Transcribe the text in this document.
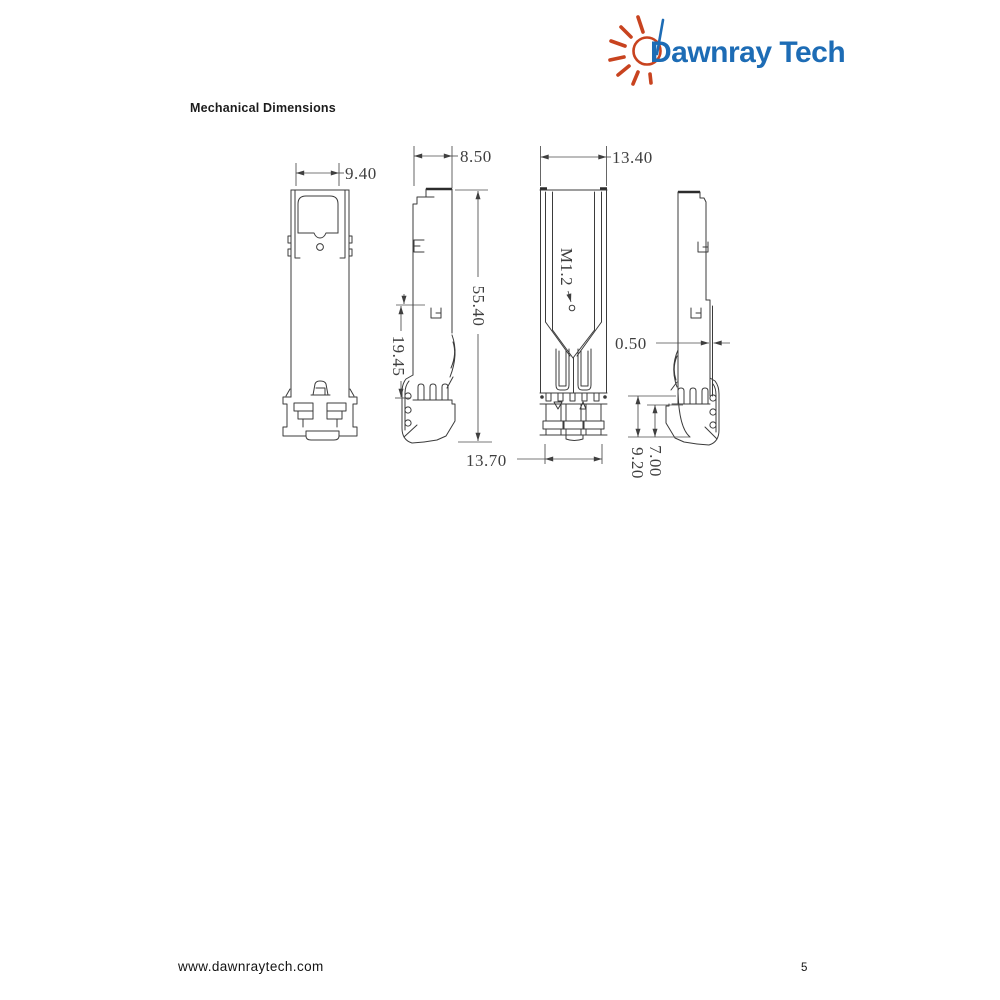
Dawnray Tech
Mechanical Dimensions
9.40
8.50
55.40
19.45
M1.2
13.40
13.70
0.50
9.20 7.00
www.dawnraytech.com	5
